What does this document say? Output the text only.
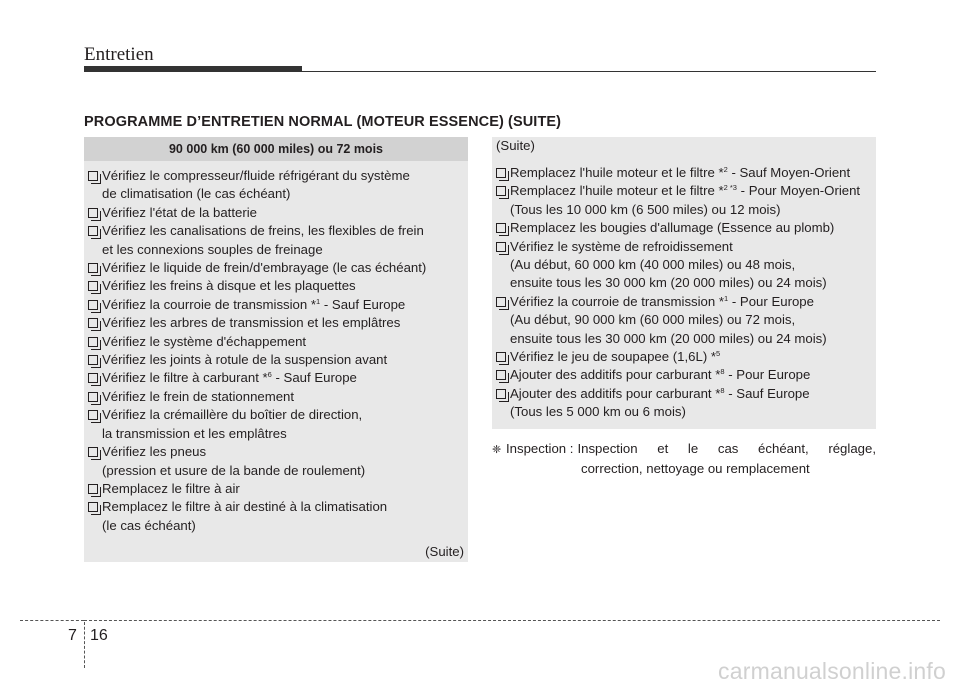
Entretien
PROGRAMME D’ENTRETIEN NORMAL (MOTEUR ESSENCE) (SUITE)
90 000 km (60 000 miles) ou 72 mois
Vérifiez le compresseur/fluide réfrigérant du système
de climatisation (le cas échéant)
Vérifiez l'état de la batterie
Vérifiez les canalisations de freins, les flexibles de frein
et les connexions souples de freinage
Vérifiez le liquide de frein/d'embrayage (le cas échéant)
Vérifiez les freins à disque et les plaquettes
Vérifiez la courroie de transmission *$^1$ - Sauf Europe
Vérifiez les arbres de transmission et les emplâtres
Vérifiez le système d'échappement
Vérifiez les joints à rotule de la suspension avant
Vérifiez le filtre à carburant *$^6$ - Sauf Europe
Vérifiez le frein de stationnement
Vérifiez la crémaillère du boîtier de direction,
la transmission et les emplâtres
Vérifiez les pneus
(pression et usure de la bande de roulement)
Remplacez le filtre à air
Remplacez le filtre à air destiné à la climatisation
(le cas échéant)
(Suite)
(Suite)
Remplacez l'huile moteur et le filtre *$^2$ - Sauf Moyen-Orient
Remplacez l'huile moteur et le filtre *$^{2 *3}$ - Pour Moyen-Orient
(Tous les 10 000 km (6 500 miles) ou 12 mois)
Remplacez les bougies d'allumage (Essence au plomb)
Vérifiez le système de refroidissement
(Au début, 60 000 km (40 000 miles) ou 48 mois,
ensuite tous les 30 000 km (20 000 miles) ou 24 mois)
Vérifiez la courroie de transmission *$^1$ - Pour Europe
(Au début, 90 000 km (60 000 miles) ou 72 mois,
ensuite tous les 30 000 km (20 000 miles) ou 24 mois)
Vérifiez le jeu de soupapee (1,6L) *$^5$
Ajouter des additifs pour carburant *$^8$ - Pour Europe
Ajouter des additifs pour carburant *$^8$ - Sauf Europe
(Tous les 5 000 km ou 6 mois)
❈ Inspection : Inspection et le cas échéant, réglage,
correction, nettoyage ou remplacement
7 16
carmanualsonline.info
